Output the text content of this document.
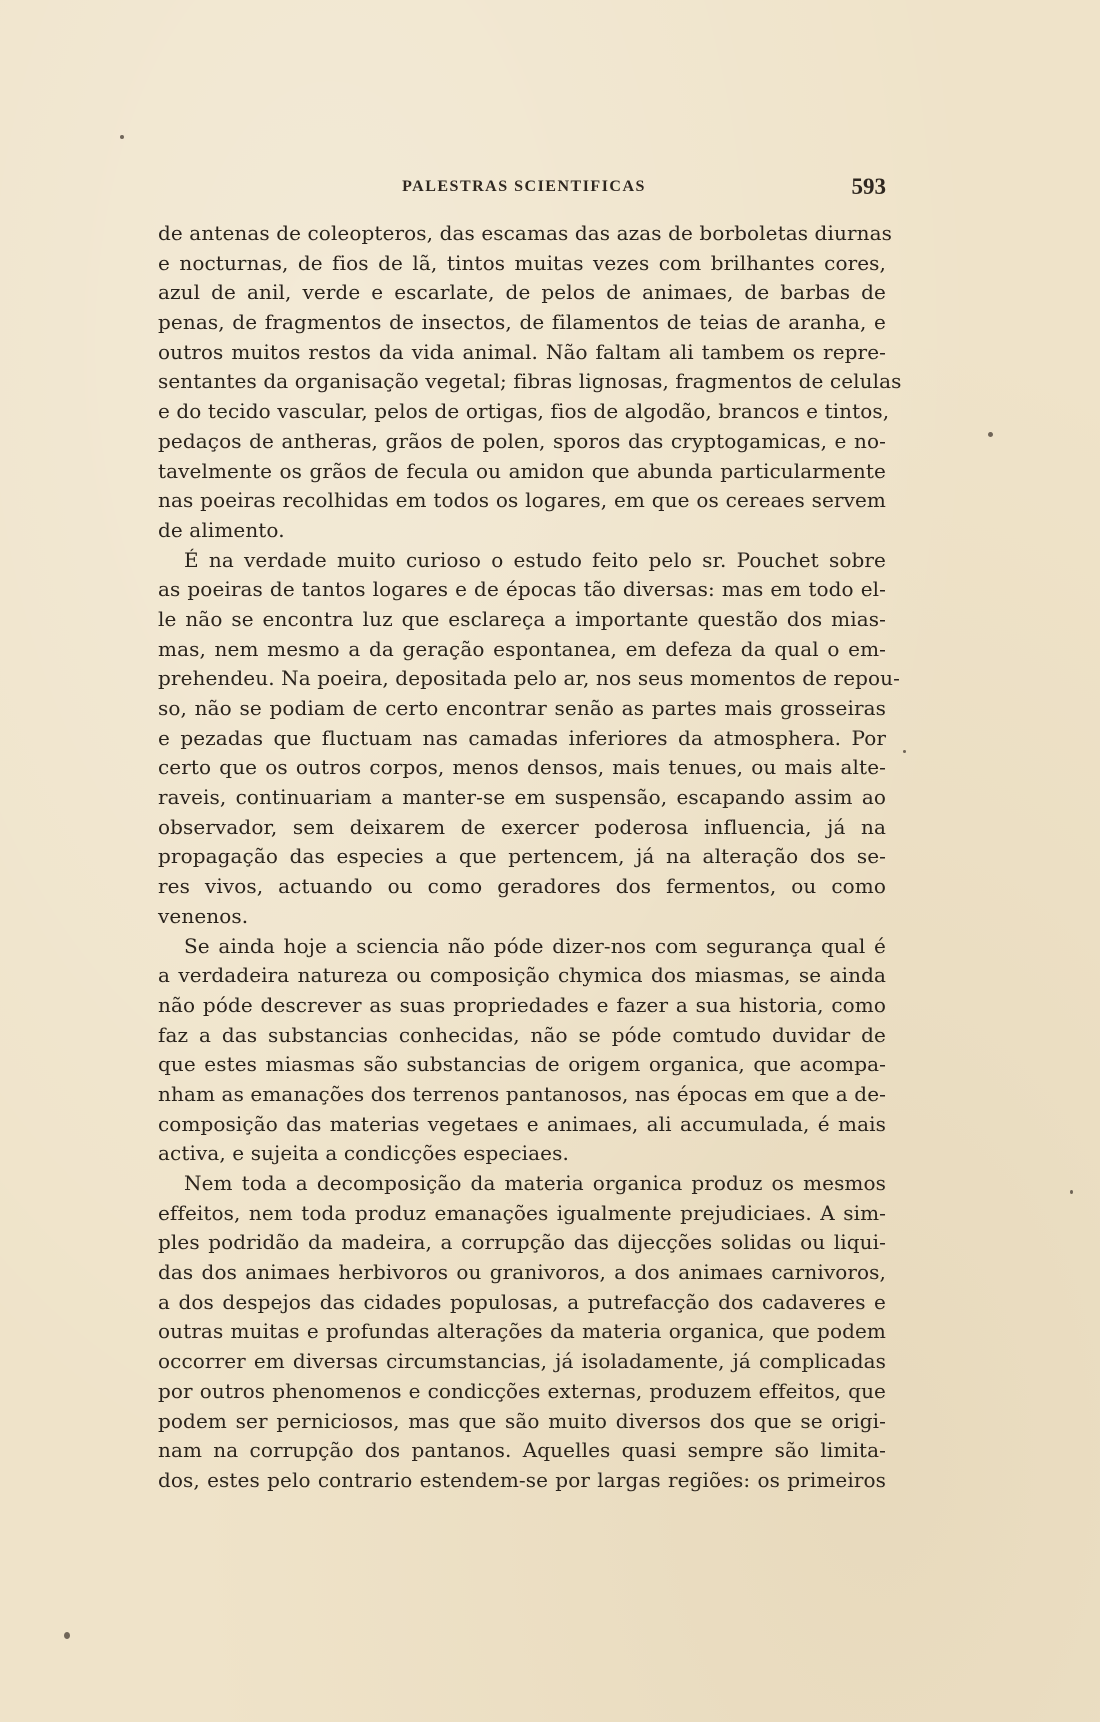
PALESTRAS SCIENTIFICAS	593
de antenas de coleopteros, das escamas das azas de borboletas diurnas
e nocturnas, de fios de lã, tintos muitas vezes com brilhantes cores,
azul de anil, verde e escarlate, de pelos de animaes, de barbas de
penas, de fragmentos de insectos, de filamentos de teias de aranha, e
outros muitos restos da vida animal. Não faltam ali tambem os repre-
sentantes da organisação vegetal; fibras lignosas, fragmentos de celulas
e do tecido vascular, pelos de ortigas, fios de algodão, brancos e tintos,
pedaços de antheras, grãos de polen, sporos das cryptogamicas, e no-
tavelmente os grãos de fecula ou amidon que abunda particularmente
nas poeiras recolhidas em todos os logares, em que os cereaes servem
de alimento.
É na verdade muito curioso o estudo feito pelo sr. Pouchet sobre
as poeiras de tantos logares e de épocas tão diversas: mas em todo el-
le não se encontra luz que esclareça a importante questão dos mias-
mas, nem mesmo a da geração espontanea, em defeza da qual o em-
prehendeu. Na poeira, depositada pelo ar, nos seus momentos de repou-
so, não se podiam de certo encontrar senão as partes mais grosseiras
e pezadas que fluctuam nas camadas inferiores da atmosphera. Por
certo que os outros corpos, menos densos, mais tenues, ou mais alte-
raveis, continuariam a manter-se em suspensão, escapando assim ao
observador, sem deixarem de exercer poderosa influencia, já na
propagação das especies a que pertencem, já na alteração dos se-
res vivos, actuando ou como geradores dos fermentos, ou como
venenos.
Se ainda hoje a sciencia não póde dizer-nos com segurança qual é
a verdadeira natureza ou composição chymica dos miasmas, se ainda
não póde descrever as suas propriedades e fazer a sua historia, como
faz a das substancias conhecidas, não se póde comtudo duvidar de
que estes miasmas são substancias de origem organica, que acompa-
nham as emanações dos terrenos pantanosos, nas épocas em que a de-
composição das materias vegetaes e animaes, ali accumulada, é mais
activa, e sujeita a condicções especiaes.
Nem toda a decomposição da materia organica produz os mesmos
effeitos, nem toda produz emanações igualmente prejudiciaes. A sim-
ples podridão da madeira, a corrupção das dijecções solidas ou liqui-
das dos animaes herbivoros ou granivoros, a dos animaes carnivoros,
a dos despejos das cidades populosas, a putrefacção dos cadaveres e
outras muitas e profundas alterações da materia organica, que podem
occorrer em diversas circumstancias, já isoladamente, já complicadas
por outros phenomenos e condicções externas, produzem effeitos, que
podem ser perniciosos, mas que são muito diversos dos que se origi-
nam na corrupção dos pantanos. Aquelles quasi sempre são limita-
dos, estes pelo contrario estendem-se por largas regiões: os primeiros
